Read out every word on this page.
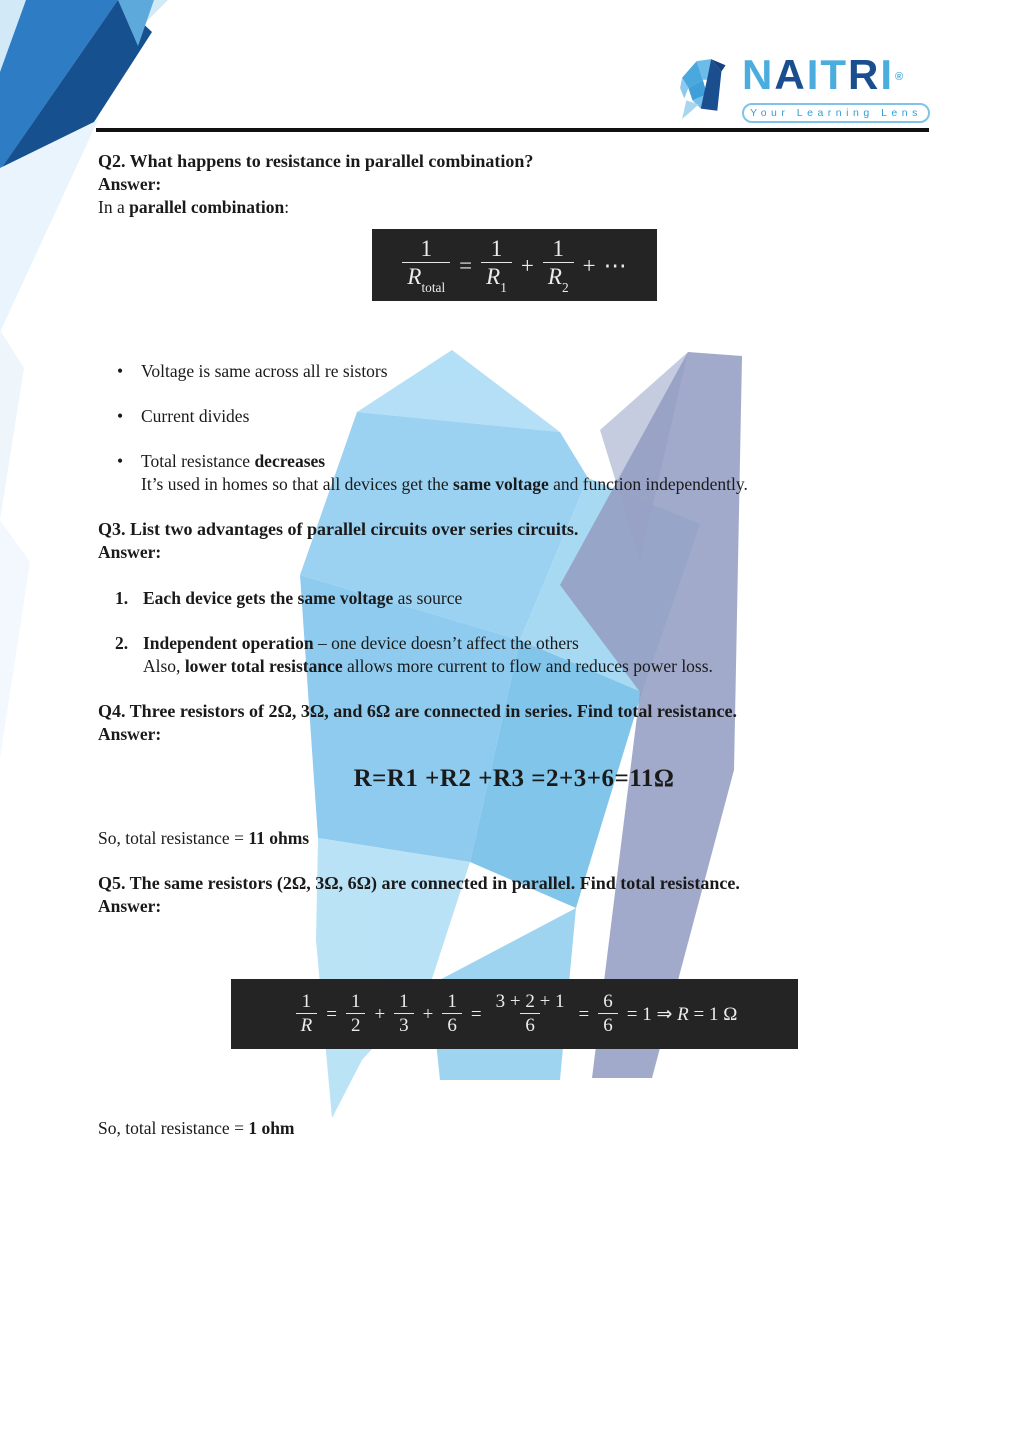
NAITRI®
Your Learning Lens
Q2. What happens to resistance in parallel combination?
Answer:
In a parallel combination:
$\frac{1}{R_{total}} = \frac{1}{R_1} + \frac{1}{R_2}$ + ⋯
•	Voltage is same across all re sistors
•	Current divides
•	Total resistance decreases
It’s used in homes so that all devices get the same voltage and function independently.
Q3. List two advantages of parallel circuits over series circuits.
Answer:
1. Each device gets the same voltage as source
2. Independent operation – one device doesn’t affect the others
Also, lower total resistance allows more current to flow and reduces power loss.
Q4. Three resistors of 2Ω, 3Ω, and 6Ω are connected in series. Find total resistance.
Answer:
R=R1 +R2 +R3 =2+3+6=11Ω
So, total resistance = 11 ohms
Q5. The same resistors (2Ω, 3Ω, 6Ω) are connected in parallel. Find total resistance.
Answer:
$\frac{1}{R} = \frac{1}{2} + \frac{1}{3} + \frac{1}{6} = \frac{3 + 2 + 1}{6} = \frac{6}{6} = 1$ ⇒ R = 1 Ω
So, total resistance = 1 ohm
